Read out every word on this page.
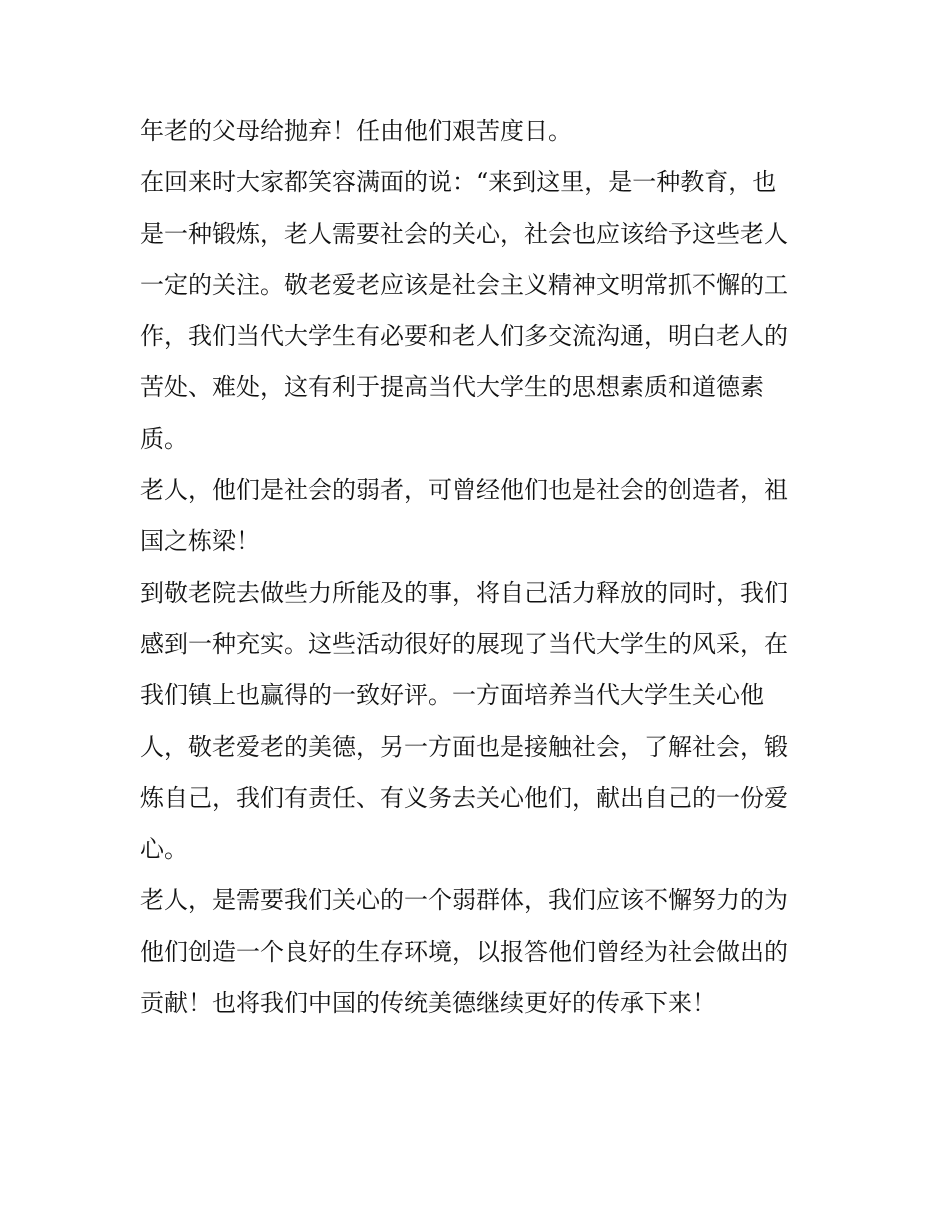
年老的父母给抛弃！任由他们艰苦度日。
在回来时大家都笑容满面的说：“来到这里，是一种教育，也
是一种锻炼，老人需要社会的关心，社会也应该给予这些老人
一定的关注。敬老爱老应该是社会主义精神文明常抓不懈的工
作，我们当代大学生有必要和老人们多交流沟通，明白老人的
苦处、难处，这有利于提高当代大学生的思想素质和道德素
质。
老人，他们是社会的弱者，可曾经他们也是社会的创造者，祖
国之栋梁！
到敬老院去做些力所能及的事，将自己活力释放的同时，我们
感到一种充实。这些活动很好的展现了当代大学生的风采，在
我们镇上也赢得的一致好评。一方面培养当代大学生关心他
人，敬老爱老的美德，另一方面也是接触社会，了解社会，锻
炼自己，我们有责任、有义务去关心他们，献出自己的一份爱
心。
老人，是需要我们关心的一个弱群体，我们应该不懈努力的为
他们创造一个良好的生存环境，以报答他们曾经为社会做出的
贡献！也将我们中国的传统美德继续更好的传承下来！
